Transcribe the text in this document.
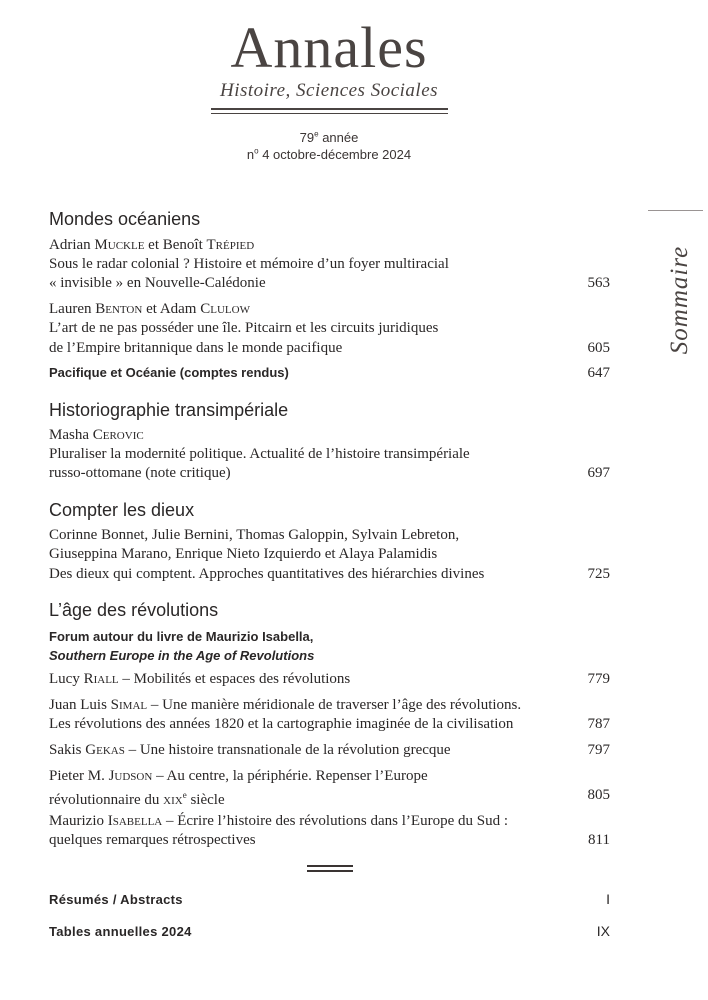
Annales
Histoire, Sciences Sociales
79e année
$n^o$ 4 octobre-décembre 2024
Sommaire
Mondes océaniens
Adrian Muckle et Benoît Trépied
Sous le radar colonial ? Histoire et mémoire d’un foyer multiracial
« invisible » en Nouvelle-Calédonie	563
Lauren Benton et Adam Clulow
L’art de ne pas posséder une île. Pitcairn et les circuits juridiques
de l’Empire britannique dans le monde pacifique	605
Pacifique et Océanie (comptes rendus)	647
Historiographie transimpériale
Masha Cerovic
Pluraliser la modernité politique. Actualité de l’histoire transimpériale
russo-ottomane (note critique)	697
Compter les dieux
Corinne Bonnet, Julie Bernini, Thomas Galoppin, Sylvain Lebreton,
Giuseppina Marano, Enrique Nieto Izquierdo et Alaya Palamidis
Des dieux qui comptent. Approches quantitatives des hiérarchies divines	725
L’âge des révolutions
Forum autour du livre de Maurizio Isabella,
Southern Europe in the Age of Revolutions
Lucy Riall – Mobilités et espaces des révolutions	779
Juan Luis Simal – Une manière méridionale de traverser l’âge des révolutions.
Les révolutions des années 1820 et la cartographie imaginée de la civilisation	787
Sakis Gekas – Une histoire transnationale de la révolution grecque	797
Pieter M. Judson – Au centre, la périphérie. Repenser l’Europe
révolutionnaire du xix$^e$ siècle	805
Maurizio Isabella – Écrire l’histoire des révolutions dans l’Europe du Sud :
quelques remarques rétrospectives	811
Résumés / Abstracts	I
Tables annuelles 2024	IX
